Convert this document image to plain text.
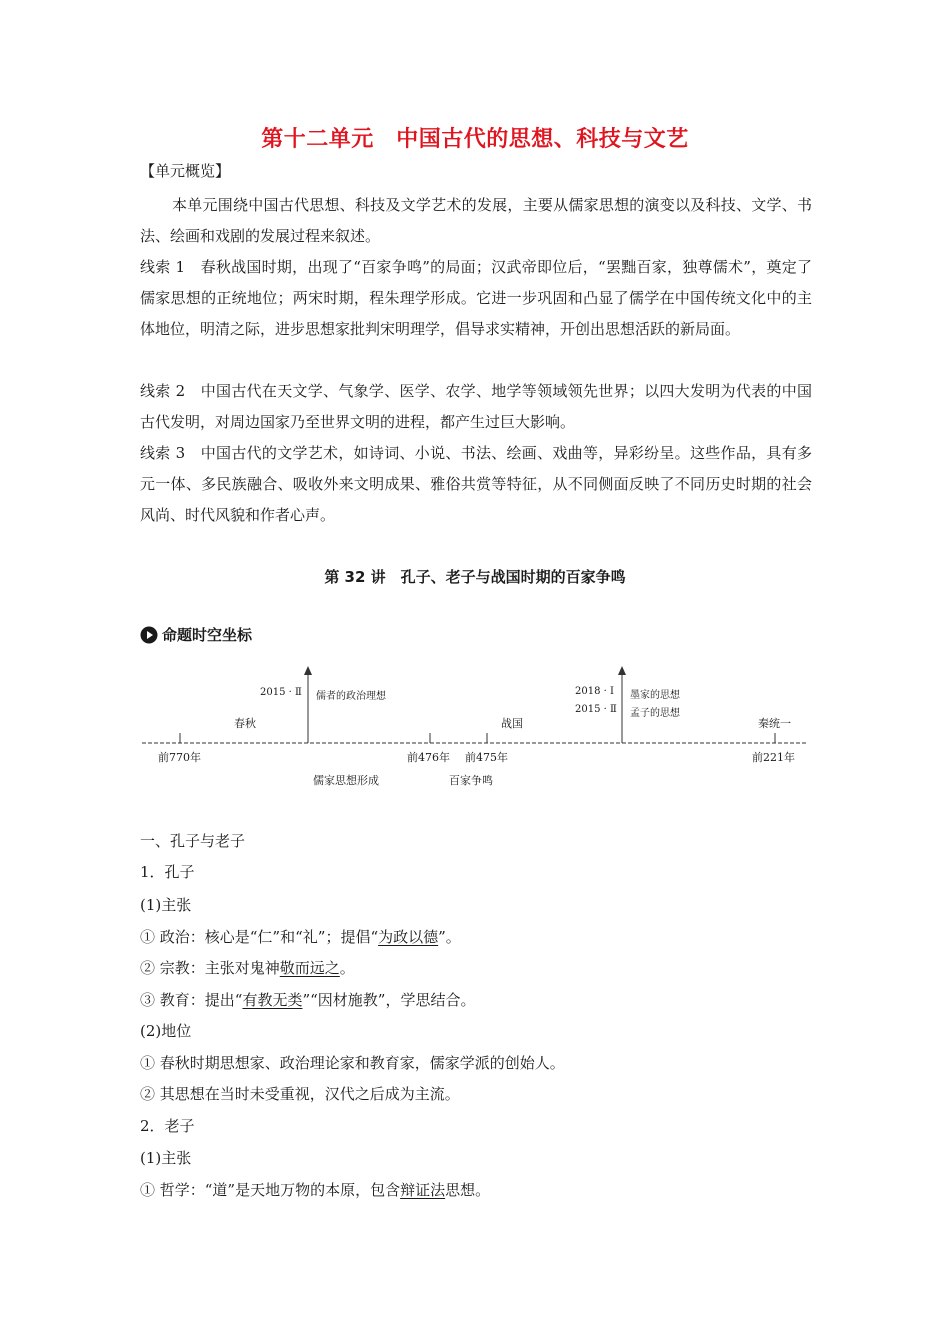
第十二单元　中国古代的思想、科技与文艺
【单元概览】

本单元围绕中国古代思想、科技及文学艺术的发展，主要从儒家思想的演变以及科技、文学、书法、绘画和戏剧的发展过程来叙述。

线索 1　春秋战国时期，出现了“百家争鸣”的局面；汉武帝即位后，“罢黜百家，独尊儒术”，奠定了儒家思想的正统地位；两宋时期，程朱理学形成。它进一步巩固和凸显了儒学在中国传统文化中的主体地位，明清之际，进步思想家批判宋明理学，倡导求实精神，开创出思想活跃的新局面。

线索 2　中国古代在天文学、气象学、医学、农学、地学等领域领先世界；以四大发明为代表的中国古代发明，对周边国家乃至世界文明的进程，都产生过巨大影响。

线索 3　中国古代的文学艺术，如诗词、小说、书法、绘画、戏曲等，异彩纷呈。这些作品，具有多元一体、多民族融合、吸收外来文明成果、雅俗共赏等特征，从不同侧面反映了不同历史时期的社会风尚、时代风貌和作者心声。

第 32 讲　孔子、老子与战国时期的百家争鸣
命题时空坐标
春秋	战国	秦统一
2015 · Ⅱ 儒者的政治理想	2018 · Ⅰ
2015 · Ⅱ
墨家的思想
孟子的思想
前770年	前476年 前475年	前221年
儒家思想形成	百家争鸣
一、孔子与老子
1．孔子
(1)主张
① 政治：核心是“仁”和“礼”；提倡“为政以德”。
② 宗教：主张对鬼神敬而远之。
③ 教育：提出“有教无类”“因材施教”，学思结合。
(2)地位
① 春秋时期思想家、政治理论家和教育家，儒家学派的创始人。
② 其思想在当时未受重视，汉代之后成为主流。
2．老子
(1)主张
① 哲学：“道”是天地万物的本原，包含辩证法思想。
